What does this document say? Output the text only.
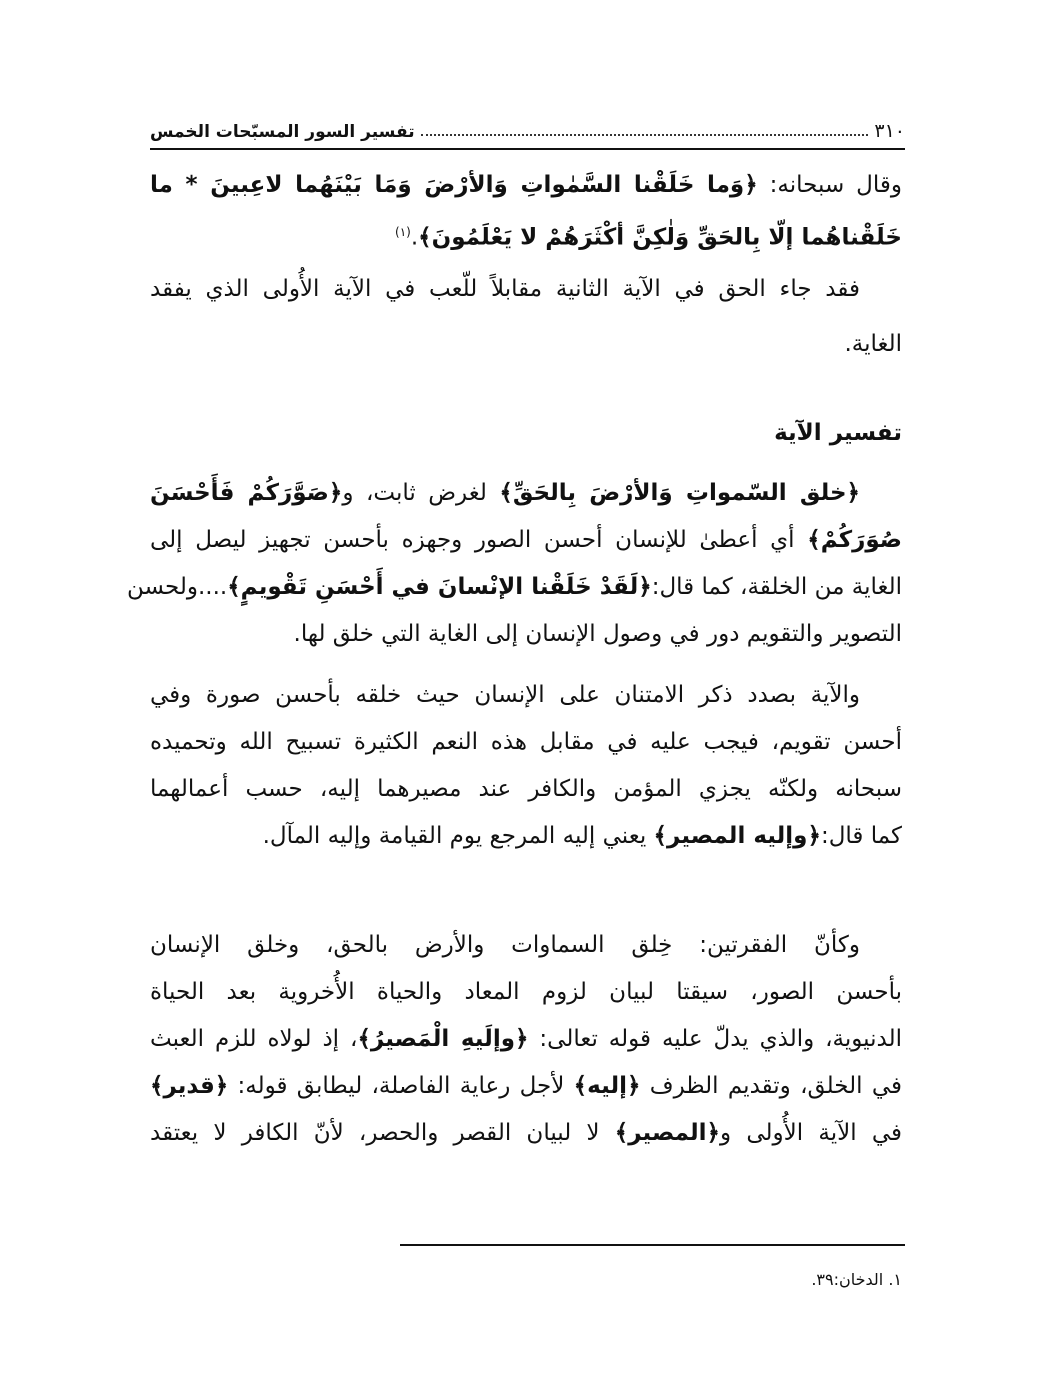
٣١٠
تفسير السور المسبّحات الخمس
وقال سبحانه: ﴿وَما خَلَقْنا السَّمٰواتِ وَالأرْضَ وَمَا بَيْنَهُما لاعِبينَ * ما
خَلَقْناهُما إلّا بِالحَقِّ وَلٰكِنَّ أكْثَرَهُمْ لا يَعْلَمُونَ﴾.$^{(١)}$
فقد جاء الحق في الآية الثانية مقابلاً للّعب في الآية الأُولى الذي يفقد
الغاية.
تفسير الآية
﴿خلق السّمواتِ وَالأرْضَ بِالحَقِّ﴾ لغرض ثابت، و﴿صَوَّرَكُمْ فَأَحْسَنَ
صُوَرَكُمْ﴾ أي أعطىٰ للإنسان أحسن الصور وجهزه بأحسن تجهيز ليصل إلى
الغاية من الخلقة، كما قال:﴿لَقَدْ خَلَقْنا الإنْسانَ في أَحْسَنِ تَقْويمٍ﴾....ولحسن
التصوير والتقويم دور في وصول الإنسان إلى الغاية التي خلق لها.
والآية بصدد ذكر الامتنان على الإنسان حيث خلقه بأحسن صورة وفي
أحسن تقويم، فيجب عليه في مقابل هذه النعم الكثيرة تسبيح الله وتحميده
سبحانه ولكنّه يجزي المؤمن والكافر عند مصيرهما إليه، حسب أعمالهما
كما قال:﴿وإليه المصير﴾ يعني إليه المرجع يوم القيامة وإليه المآل.
وكأنّ الفقرتين: خِلق السماوات والأرض بالحق، وخلق الإنسان
بأحسن الصور، سيقتا لبيان لزوم المعاد والحياة الأُخروية بعد الحياة
الدنيوية، والذي يدلّ عليه قوله تعالى: ﴿وإلَيهِ الْمَصيرُ﴾، إذ لولاه للزم العبث
في الخلق، وتقديم الظرف ﴿إليه﴾ لأجل رعاية الفاصلة، ليطابق قوله: ﴿قدير﴾
في الآية الأُولى و﴿المصير﴾ لا لبيان القصر والحصر، لأنّ الكافر لا يعتقد
١. الدخان:٣٩.
